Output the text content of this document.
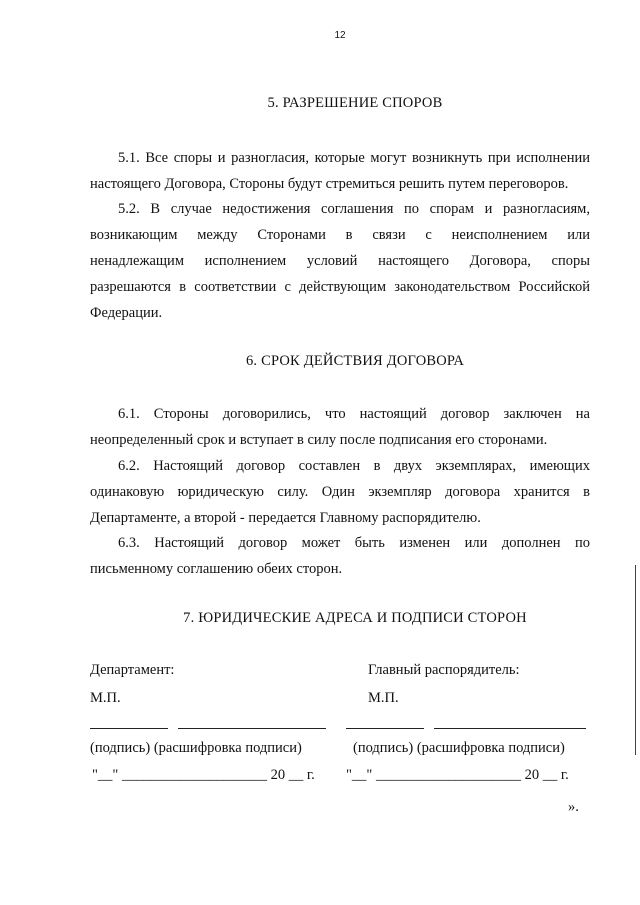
12
5. РАЗРЕШЕНИЕ СПОРОВ
5.1. Все споры и разногласия, которые могут возникнуть при исполнении
настоящего Договора, Стороны будут стремиться решить путем переговоров.
5.2. В случае недостижения соглашения по спорам и разногласиям,
возникающим между Сторонами в связи с неисполнением или
ненадлежащим исполнением условий настоящего Договора, споры
разрешаются в соответствии с действующим законодательством Российской
Федерации.
6. СРОК ДЕЙСТВИЯ ДОГОВОРА
6.1. Стороны договорились, что настоящий договор заключен на
неопределенный срок и вступает в силу после подписания его сторонами.
6.2. Настоящий договор составлен в двух экземплярах, имеющих
одинаковую юридическую силу. Один экземпляр договора хранится в
Департаменте, а второй - передается Главному распорядителю.
6.3. Настоящий договор может быть изменен или дополнен по
письменному соглашению обеих сторон.
7. ЮРИДИЧЕСКИЕ АДРЕСА И ПОДПИСИ СТОРОН
Департамент:
М.П.
(подпись) (расшифровка подписи)
"__" ____________________ 20 __ г.
Главный распорядитель:
М.П.
(подпись) (расшифровка подписи)
"__" ____________________ 20 __ г.
».
